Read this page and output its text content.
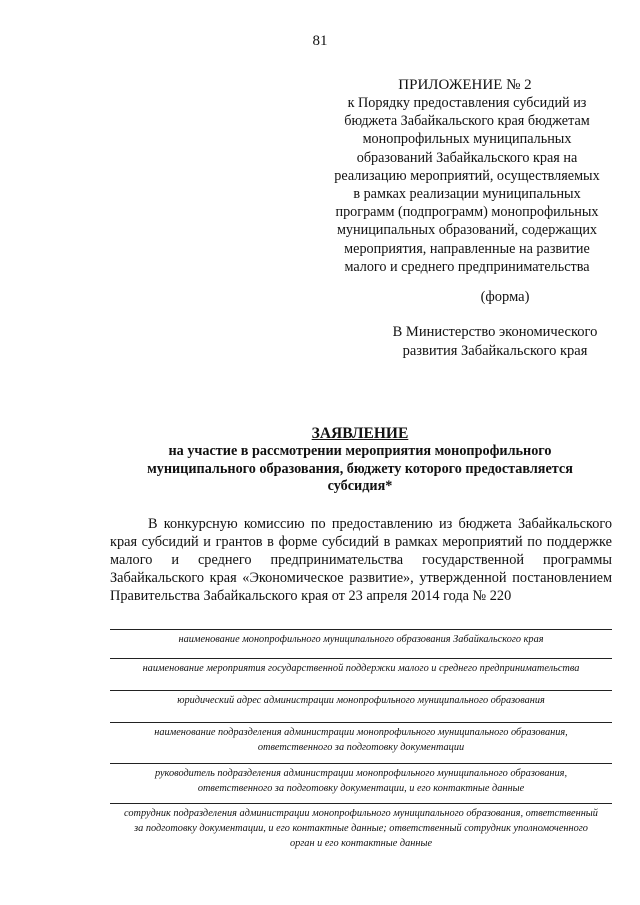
81
ПРИЛОЖЕНИЕ № 2
к Порядку предоставления субсидий из
бюджета Забайкальского края бюджетам
монопрофильных муниципальных
образований Забайкальского края на
реализацию мероприятий, осуществляемых
в рамках реализации муниципальных
программ (подпрограмм) монопрофильных
муниципальных образований, содержащих
мероприятия, направленные на развитие
малого и среднего предпринимательства
(форма)
В Министерство экономического
развития Забайкальского края
ЗАЯВЛЕНИЕ
на участие в рассмотрении мероприятия монопрофильного
муниципального образования, бюджету которого предоставляется
субсидия*
В конкурсную комиссию по предоставлению из бюджета Забайкальского края субсидий и грантов в форме субсидий в рамках мероприятий по поддержке малого и среднего предпринимательства государственной программы Забайкальского края «Экономическое развитие», утвержденной постановлением Правительства Забайкальского края от 23 апреля 2014 года № 220
наименование монопрофильного муниципального образования Забайкальского края
наименование мероприятия государственной поддержки малого и среднего предпринимательства
юридический адрес администрации монопрофильного муниципального образования
наименование подразделения администрации монопрофильного муниципального образования,
ответственного за подготовку документации
руководитель подразделения администрации монопрофильного муниципального образования,
ответственного за подготовку документации, и его контактные данные
сотрудник подразделения администрации монопрофильного муниципального образования, ответственный
за подготовку документации, и его контактные данные; ответственный сотрудник уполномоченного
орган и его контактные данные
